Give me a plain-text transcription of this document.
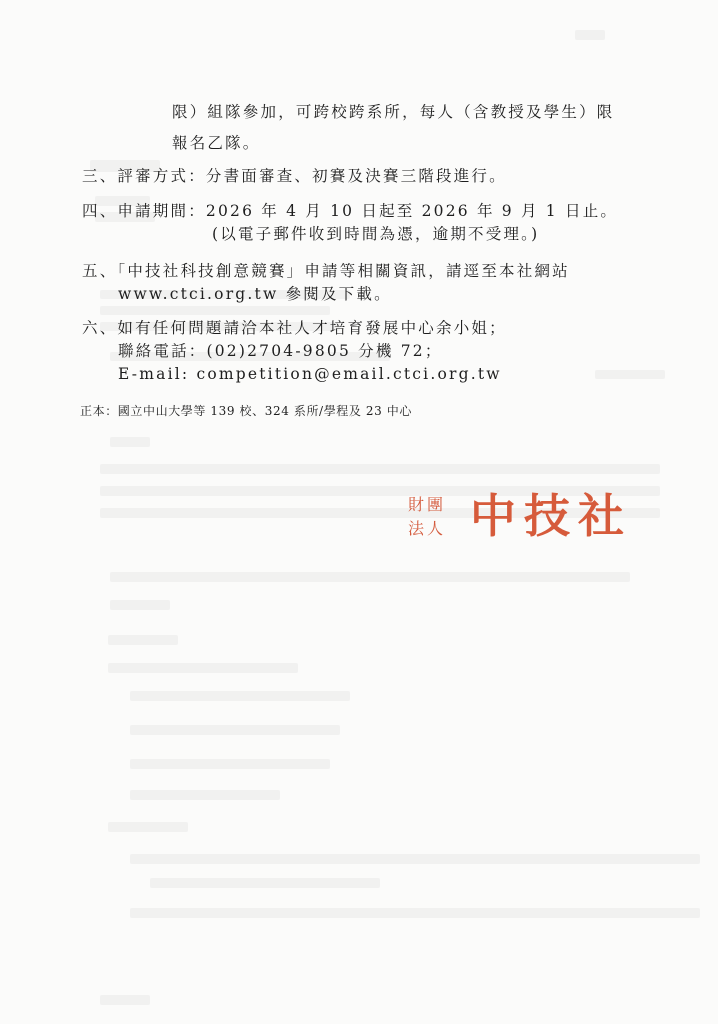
限）組隊參加，可跨校跨系所，每人（含教授及學生）限
報名乙隊。
三、評審方式：分書面審查、初賽及決賽三階段進行。
四、申請期間：2026 年 4 月 10 日起至 2026 年 9 月 1 日止。
(以電子郵件收到時間為憑，逾期不受理。)
五、「中技社科技創意競賽」申請等相關資訊，請逕至本社網站
www.ctci.org.tw 參閱及下載。
六、如有任何問題請洽本社人才培育發展中心余小姐；
聯絡電話：(02)2704-9805 分機 72；
E-mail: competition@email.ctci.org.tw
正本：國立中山大學等 139 校、324 系所/學程及 23 中心
財團
法人 中技社
